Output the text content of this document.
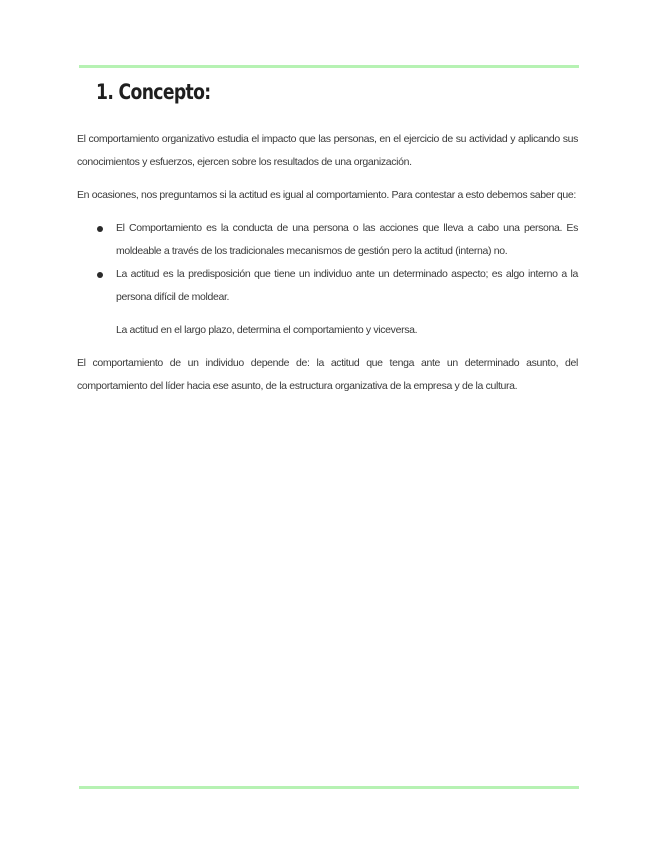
1. Concepto:

El comportamiento organizativo estudia el impacto que las personas, en el ejercicio de su actividad y aplicando sus conocimientos y esfuerzos, ejercen sobre los resultados de una organización.

En ocasiones, nos preguntamos si la actitud es igual al comportamiento. Para contestar a esto debemos saber que:

El Comportamiento es la conducta de una persona o las acciones que lleva a cabo una persona. Es moldeable a través de los tradicionales mecanismos de gestión pero la actitud (interna) no.
La actitud es la predisposición que tiene un individuo ante un determinado aspecto; es algo interno a la persona difícil de moldear.

La actitud en el largo plazo, determina el comportamiento y viceversa.

El comportamiento de un individuo depende de: la actitud que tenga ante un determinado asunto, del comportamiento del líder hacia ese asunto, de la estructura organizativa de la empresa y de la cultura.
